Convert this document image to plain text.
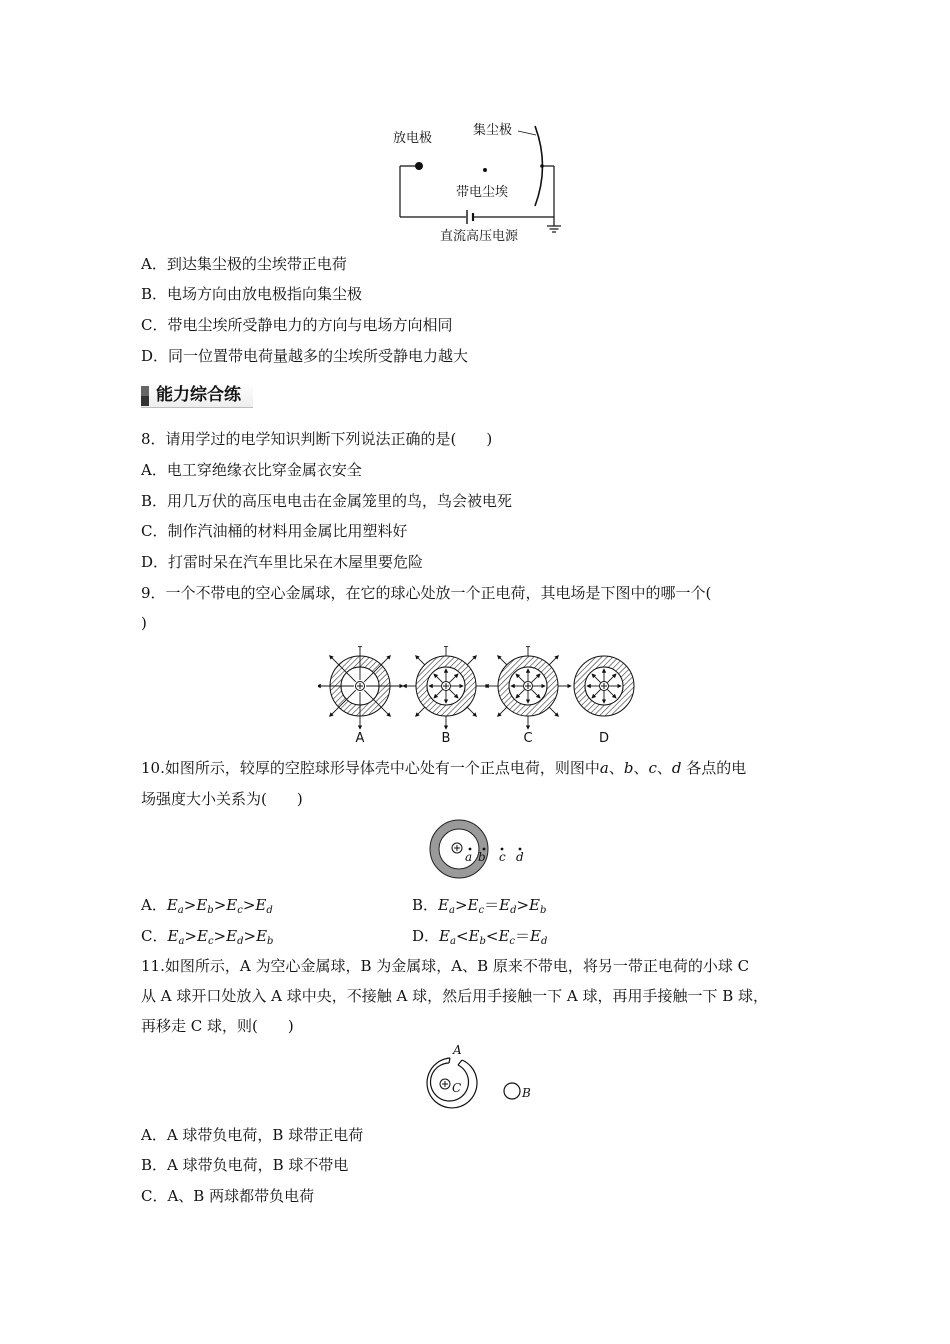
放电极
集尘极
带电尘埃
直流高压电源
A．到达集尘极的尘埃带正电荷
B．电场方向由放电极指向集尘极
C．带电尘埃所受静电力的方向与电场方向相同
D．同一位置带电荷量越多的尘埃所受静电力越大
能力综合练
8．请用学过的电学知识判断下列说法正确的是(　　)
A．电工穿绝缘衣比穿金属衣安全
B．用几万伏的高压电电击在金属笼里的鸟，鸟会被电死
C．制作汽油桶的材料用金属比用塑料好
D．打雷时呆在汽车里比呆在木屋里要危险
9．一个不带电的空心金属球，在它的球心处放一个正电荷，其电场是下图中的哪一个(
)
A	B	C	D
10.如图所示，较厚的空腔球形导体壳中心处有一个正点电荷，则图中a、b、c、d 各点的电
场强度大小关系为(　　)
a b c d
A．$E_a>E_b>E_c>E_d$	B．$E_a>E_c=E_d>E_b$
C．$E_a>E_c>E_d>E_b$	D．$E_a<E_b<E_c=E_d$
11.如图所示，A 为空心金属球，B 为金属球，A、B 原来不带电，将另一带正电荷的小球 C
从 A 球开口处放入 A 球中央，不接触 A 球，然后用手接触一下 A 球，再用手接触一下 B 球，
再移走 C 球，则(　　)
A
C	B
A．A 球带负电荷，B 球带正电荷
B．A 球带负电荷，B 球不带电
C．A、B 两球都带负电荷
